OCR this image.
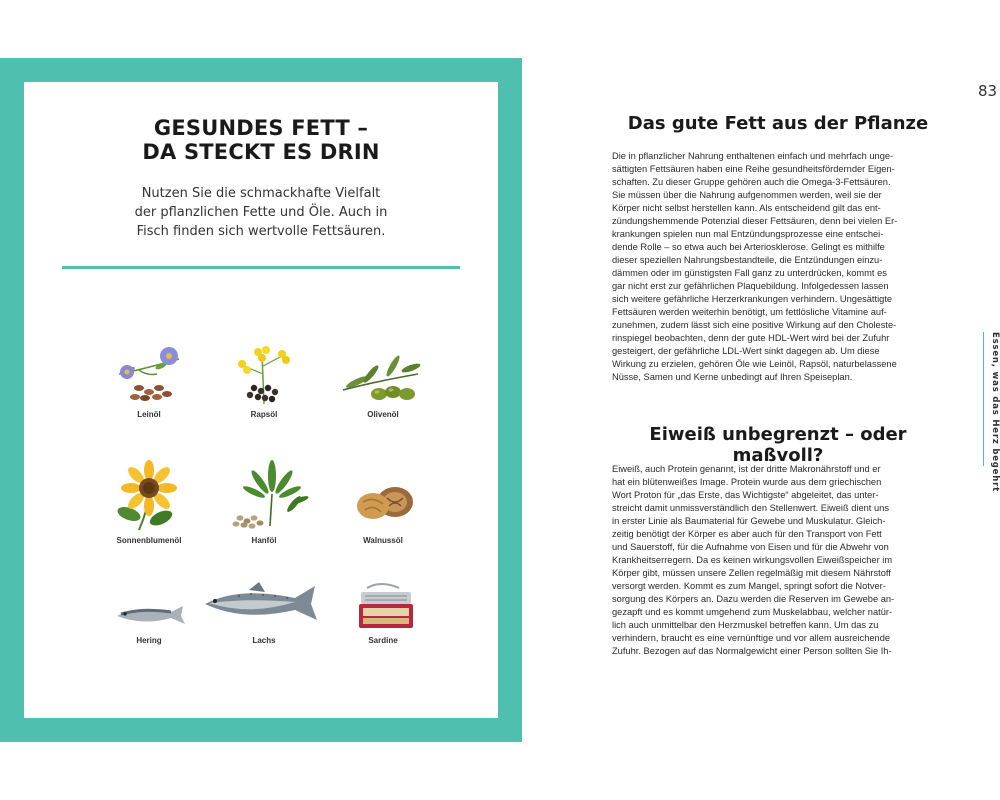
GESUNDES FETT –
DA STECKT ES DRIN
Nutzen Sie die schmackhafte Vielfalt der pflanzlichen Fette und Öle. Auch in Fisch finden sich wertvolle Fettsäuren.
Leinöl	Rapsöl	Olivenöl
Sonnenblumenöl	Hanföl	Walnussöl
Hering	Lachs	Sardine
83
Das gute Fett aus der Pflanze
Die in pflanzlicher Nahrung enthaltenen einfach und mehrfach unge-
sättigten Fettsäuren haben eine Reihe gesundheitsfördernder Eigen-
schaften. Zu dieser Gruppe gehören auch die Omega-3-Fettsäuren.
Sie müssen über die Nahrung aufgenommen werden, weil sie der
Körper nicht selbst herstellen kann. Als entscheidend gilt das ent-
zündungshemmende Potenzial dieser Fettsäuren, denn bei vielen Er-
krankungen spielen nun mal Entzündungsprozesse eine entschei-
dende Rolle – so etwa auch bei Arteriosklerose. Gelingt es mithilfe
dieser speziellen Nahrungsbestandteile, die Entzündungen einzu-
dämmen oder im günstigsten Fall ganz zu unterdrücken, kommt es
gar nicht erst zur gefährlichen Plaquebildung. Infolgedessen lassen
sich weitere gefährliche Herzerkrankungen verhindern. Ungesättigte
Fettsäuren werden weiterhin benötigt, um fettlösliche Vitamine auf-
zunehmen, zudem lässt sich eine positive Wirkung auf den Choleste-
rinspiegel beobachten, denn der gute HDL-Wert wird bei der Zufuhr
gesteigert, der gefährliche LDL-Wert sinkt dagegen ab. Um diese
Wirkung zu erzielen, gehören Öle wie Leinöl, Rapsöl, naturbelassene
Nüsse, Samen und Kerne unbedingt auf Ihren Speiseplan.
Eiweiß unbegrenzt – oder maßvoll?
Eiweiß, auch Protein genannt, ist der dritte Makronährstoff und er
hat ein blütenweißes Image. Protein wurde aus dem griechischen
Wort Proton für „das Erste, das Wichtigste“ abgeleitet, das unter-
streicht damit unmissverständlich den Stellenwert. Eiweiß dient uns
in erster Linie als Baumaterial für Gewebe und Muskulatur. Gleich-
zeitig benötigt der Körper es aber auch für den Transport von Fett
und Sauerstoff, für die Aufnahme von Eisen und für die Abwehr von
Krankheitserregern. Da es keinen wirkungsvollen Eiweißspeicher im
Körper gibt, müssen unsere Zellen regelmäßig mit diesem Nährstoff
versorgt werden. Kommt es zum Mangel, springt sofort die Notver-
sorgung des Körpers an. Dazu werden die Reserven im Gewebe an-
gezapft und es kommt umgehend zum Muskelabbau, welcher natür-
lich auch unmittelbar den Herzmuskel betreffen kann. Um das zu
verhindern, braucht es eine vernünftige und vor allem ausreichende
Zufuhr. Bezogen auf das Normalgewicht einer Person sollten Sie Ih-
Essen, was das Herz begehrt
